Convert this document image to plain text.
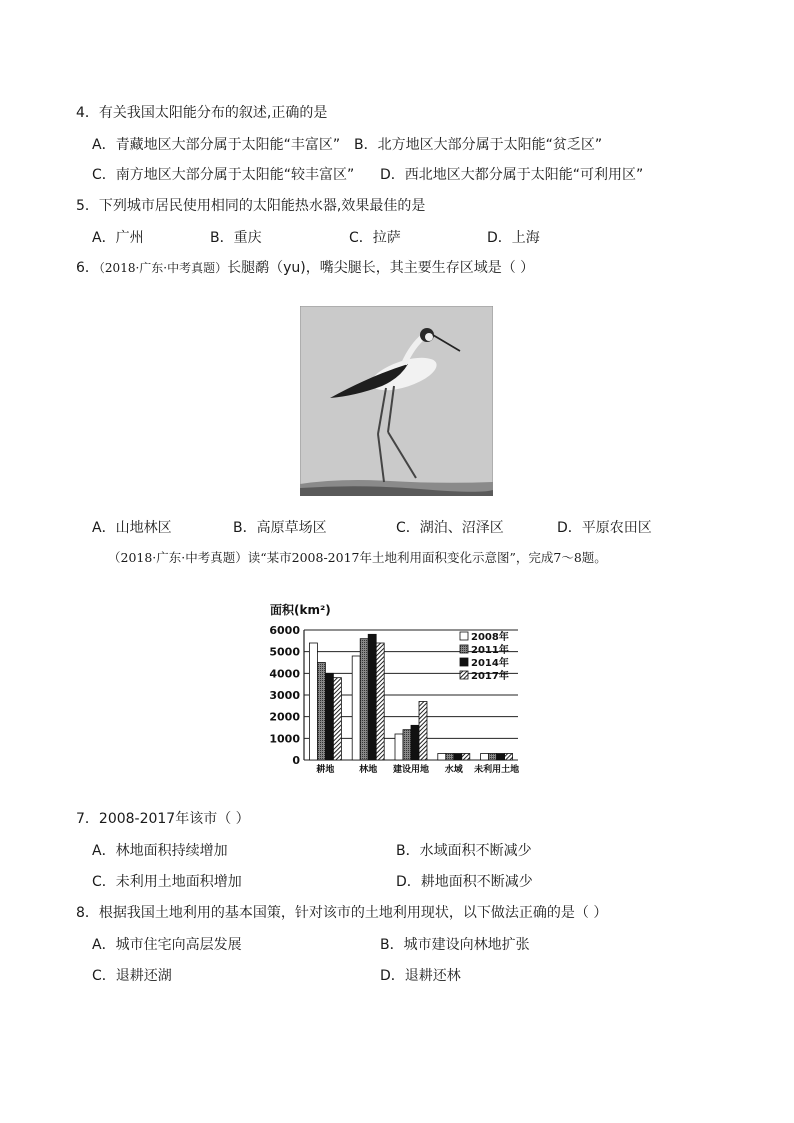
4．有关我国太阳能分布的叙述,正确的是
A．青藏地区大部分属于太阳能“丰富区” B．北方地区大部分属于太阳能“贫乏区”
C．南方地区大部分属于太阳能“较丰富区” D．西北地区大都分属于太阳能“可利用区”
5．下列城市居民使用相同的太阳能热水器,效果最佳的是
A．广州	B．重庆	C．拉萨	D．上海
6．（2018·广东·中考真题）长腿鹬（yu)，嘴尖腿长，其主要生存区域是（ ）
A．山地林区	B．高原草场区	C．湖泊、沼泽区	D．平原农田区
（2018·广东·中考真题）读“某市2008-2017年土地利用面积变化示意图”，完成7～8题。
面积(km²)
0
1000
2000
3000
4000
5000
6000
耕地	林地 建设用地 水域 未利用土地
2008年
2011年
2014年
2017年
7．2008-2017年该市（ ）
A．林地面积持续增加	B．水域面积不断减少
C．未利用土地面积增加	D．耕地面积不断减少
8．根据我国土地利用的基本国策，针对该市的土地利用现状，以下做法正确的是（ ）
A．城市住宅向高层发展	B．城市建设向林地扩张
C．退耕还湖	D．退耕还林
